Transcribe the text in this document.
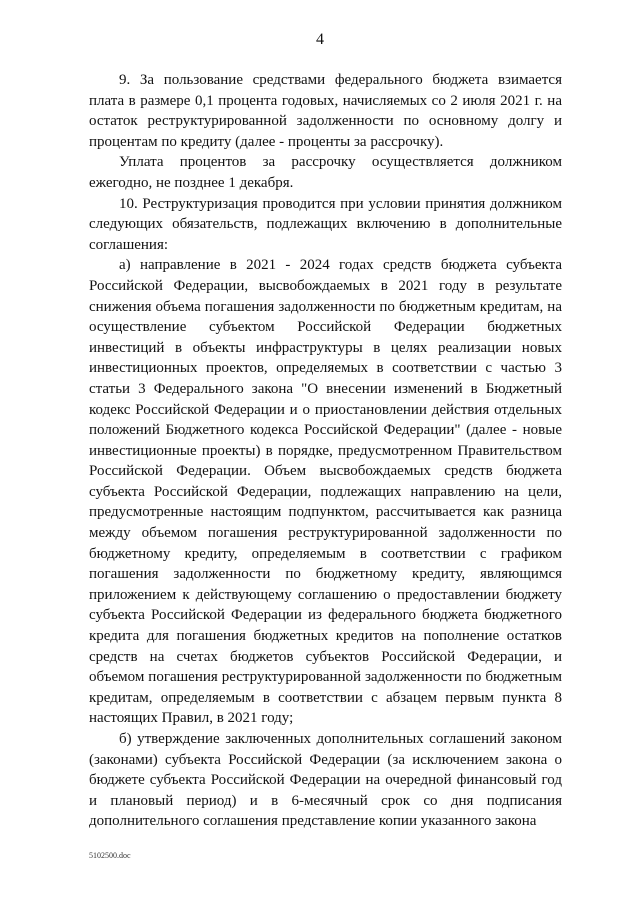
4

9. За пользование средствами федерального бюджета взимается плата в размере 0,1 процента годовых, начисляемых со 2 июля 2021 г. на остаток реструктурированной задолженности по основному долгу и процентам по кредиту (далее - проценты за рассрочку).

Уплата процентов за рассрочку осуществляется должником ежегодно, не позднее 1 декабря.

10. Реструктуризация проводится при условии принятия должником следующих обязательств, подлежащих включению в дополнительные соглашения:

а) направление в 2021 - 2024 годах средств бюджета субъекта Российской Федерации, высвобождаемых в 2021 году в результате снижения объема погашения задолженности по бюджетным кредитам, на осуществление субъектом Российской Федерации бюджетных инвестиций в объекты инфраструктуры в целях реализации новых инвестиционных проектов, определяемых в соответствии с частью 3 статьи 3 Федерального закона "О внесении изменений в Бюджетный кодекс Российской Федерации и о приостановлении действия отдельных положений Бюджетного кодекса Российской Федерации" (далее - новые инвестиционные проекты) в порядке, предусмотренном Правительством Российской Федерации. Объем высвобождаемых средств бюджета субъекта Российской Федерации, подлежащих направлению на цели, предусмотренные настоящим подпунктом, рассчитывается как разница между объемом погашения реструктурированной задолженности по бюджетному кредиту, определяемым в соответствии с графиком погашения задолженности по бюджетному кредиту, являющимся приложением к действующему соглашению о предоставлении бюджету субъекта Российской Федерации из федерального бюджета бюджетного кредита для погашения бюджетных кредитов на пополнение остатков средств на счетах бюджетов субъектов Российской Федерации, и объемом погашения реструктурированной задолженности по бюджетным кредитам, определяемым в соответствии с абзацем первым пункта 8 настоящих Правил, в 2021 году;

б) утверждение заключенных дополнительных соглашений законом (законами) субъекта Российской Федерации (за исключением закона о бюджете субъекта Российской Федерации на очередной финансовый год и плановый период) и в 6-месячный срок со дня подписания дополнительного соглашения представление копии указанного закона

5102500.doc
